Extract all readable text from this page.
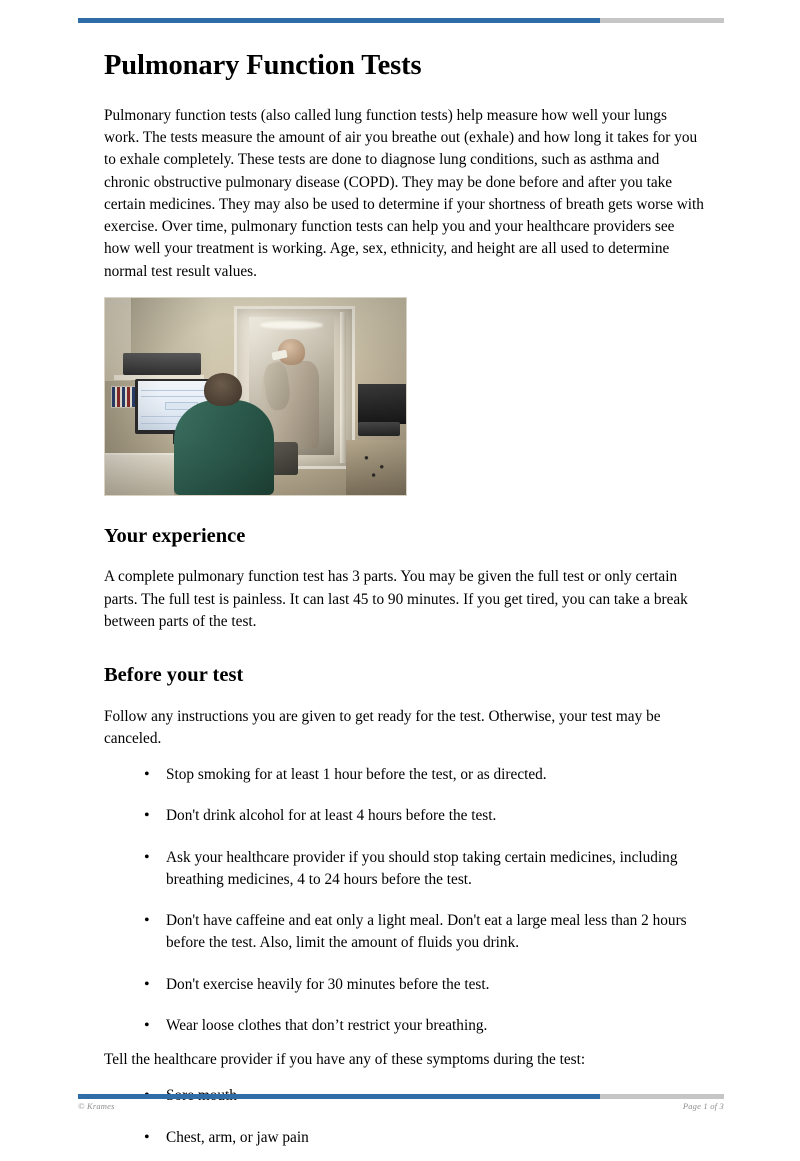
Pulmonary Function Tests

Pulmonary function tests (also called lung function tests) help measure how well your lungs work. The tests measure the amount of air you breathe out (exhale) and how long it takes for you to exhale completely. These tests are done to diagnose lung conditions, such as asthma and chronic obstructive pulmonary disease (COPD). They may be done before and after you take certain medicines. They may also be used to determine if your shortness of breath gets worse with exercise. Over time, pulmonary function tests can help you and your healthcare providers see how well your treatment is working. Age, sex, ethnicity, and height are all used to determine normal test result values.

Your experience

A complete pulmonary function test has 3 parts. You may be given the full test or only certain parts. The full test is painless. It can last 45 to 90 minutes. If you get tired, you can take a break between parts of the test.

Before your test

Follow any instructions you are given to get ready for the test. Otherwise, your test may be canceled.

• Stop smoking for at least 1 hour before the test, or as directed.
• Don't drink alcohol for at least 4 hours before the test.
• Ask your healthcare provider if you should stop taking certain medicines, including breathing medicines, 4 to 24 hours before the test.
• Don't have caffeine and eat only a light meal. Don't eat a large meal less than 2 hours before the test. Also, limit the amount of fluids you drink.
• Don't exercise heavily for 30 minutes before the test.
• Wear loose clothes that don’t restrict your breathing.

Tell the healthcare provider if you have any of these symptoms during the test:

•
• Chest, arm, or jaw pain
© Krames	Page 1 of 3
